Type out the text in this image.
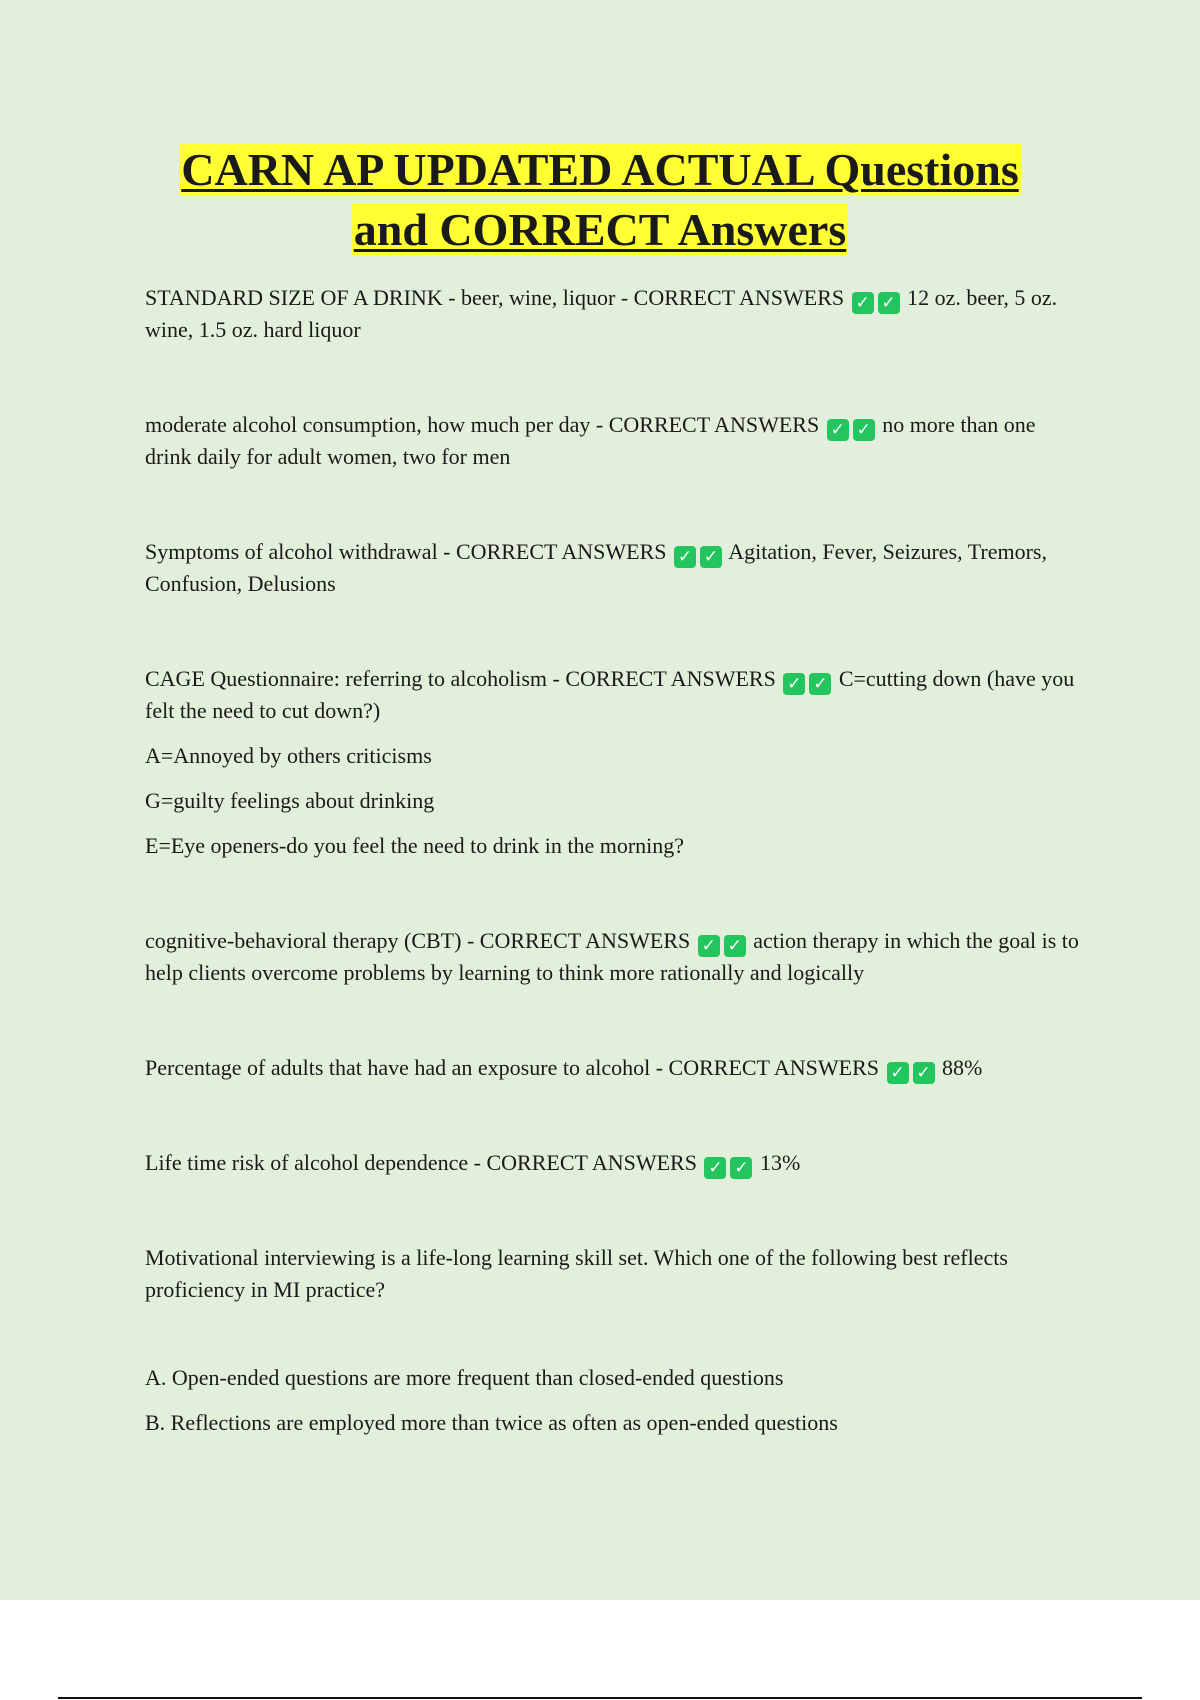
CARN AP UPDATED ACTUAL Questions
and CORRECT Answers

STANDARD SIZE OF A DRINK - beer, wine, liquor - CORRECT ANSWERS ✓ ✓ 12 oz. beer, 5 oz. wine, 1.5 oz. hard liquor

moderate alcohol consumption, how much per day - CORRECT ANSWERS ✓ ✓ no more than one drink daily for adult women, two for men

Symptoms of alcohol withdrawal - CORRECT ANSWERS ✓ ✓ Agitation, Fever, Seizures, Tremors, Confusion, Delusions

CAGE Questionnaire: referring to alcoholism - CORRECT ANSWERS ✓ ✓ C=cutting down (have you felt the need to cut down?)

A=Annoyed by others criticisms

G=guilty feelings about drinking

E=Eye openers-do you feel the need to drink in the morning?

cognitive-behavioral therapy (CBT) - CORRECT ANSWERS ✓ ✓ action therapy in which the goal is to help clients overcome problems by learning to think more rationally and logically

Percentage of adults that have had an exposure to alcohol - CORRECT ANSWERS ✓ ✓ 88%

Life time risk of alcohol dependence - CORRECT ANSWERS ✓ ✓ 13%

Motivational interviewing is a life-long learning skill set. Which one of the following best reflects proficiency in MI practice?

A. Open-ended questions are more frequent than closed-ended questions

B. Reflections are employed more than twice as often as open-ended questions
